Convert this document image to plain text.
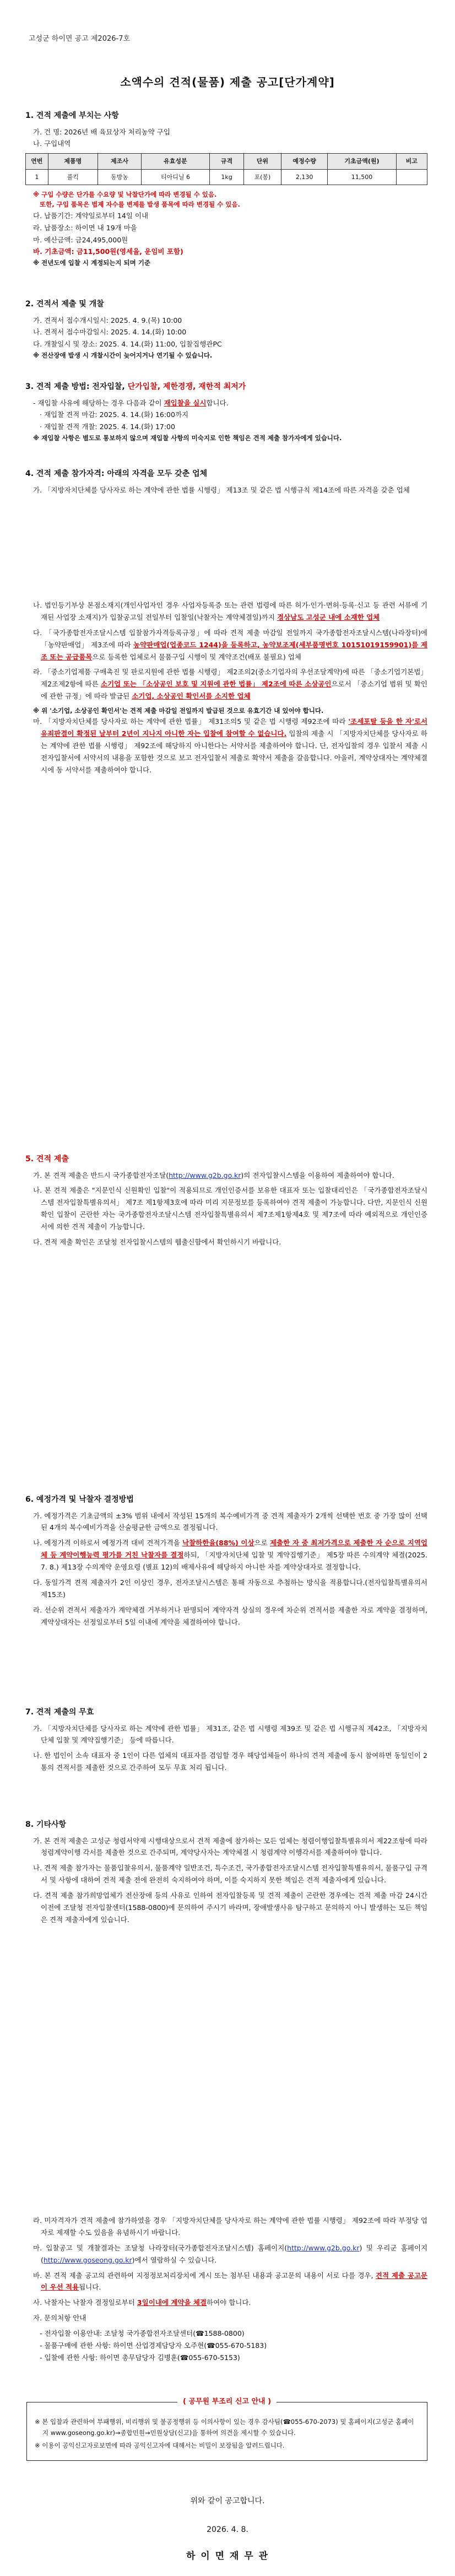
고성군 하이면 공고 제2026-7호
소액수의 견적(물품) 제출 공고[단가계약]
1. 견적 제출에 부치는 사항
가. 건 명: 2026년 배 육묘상자 처리농약 구입
나. 구입내역
연번	제품명	제조사	유효성분	규격	단위	예정수량	기초금액(원)	비고
1	풀킥	동방농	티아디닐 6	1kg	포(봉)	2,130	11,500	
※ 구입 수량은 단가를 수요량 및 낙찰단가에 따라 변경될 수 있음.
또한, 구입 품목은 법제 자수를 변제를 발생 품목에 따라 변경될 수 있음.
다. 납품기간: 계약일로부터 14일 이내
라. 납품장소: 하이면 내 19개 마을
마. 예산금액: 금24,495,000원
바. 기초금액: 금11,500원(영세율, 운임비 포함)
※ 전년도에 입찰 시 계정되는지 되며 기준
2. 견적서 제출 및 개찰
가. 견적서 접수개시일시: 2025. 4. 9.(목) 10:00
나. 견적서 접수마감일시: 2025. 4. 14.(화) 10:00
다. 개찰일시 및 장소: 2025. 4. 14.(화) 11:00, 입찰집행관PC
※ 전산장애 발생 시 개찰시간이 늦어지거나 연기될 수 있습니다.
3. 견적 제출 방법: 전자입찰, 단가입찰, 제한경쟁, 재한적 최저가
- 재입찰 사유에 해당하는 경우 다음과 같이 재입찰을 실시합니다.
· 재입찰 견적 마감: 2025. 4. 14.(화) 16:00까지
· 재입찰 견적 개찰: 2025. 4. 14.(화) 17:00
※ 재입찰 사항은 별도로 통보하지 않으며 재입찰 사항의 미숙지로 인한 책임은 견적 제출 참가자에게 있습니다.
4. 견적 제출 참가자격: 아래의 자격을 모두 갖춘 업체
가. 「지방자치단체를 당사자로 하는 계약에 관한 법률 시행령」 제13조 및 같은 법 시행규칙 제14조에 따른 자격을 갖춘 업체
나. 법인등기부상 본점소재지(개인사업자인 경우 사업자등록증 또는 관련 법령에 따른 허가·인가·면허·등록·신고 등 관련 서류에 기재된 사업장 소재지)가 입찰공고일 전일부터 입찰일(낙찰자는 계약체결일)까지 경상남도 고성군 내에 소재한 업체
다. 「국가종합전자조달시스템 입찰참가자격등록규정」에 따라 견적 제출 마감일 전일까지 국가종합전자조달시스템(나라장터)에 「농약판매업」 제3조에 따라 농약판매업(업종코드 1244)을 등록하고, 농약보조제(세부품명번호 10151019159901)를 제조 또는 공급품목으로 등록한 업체로서 물품구입 시행이 및 계약조건(배포 불필요) 업체
라. 「중소기업제품 구매촉진 및 판로지원에 관한 법률 시행령」 제2조의2(중소기업자의 우선조달계약)에 따른 「중소기업기본법」 제2조제2항에 따른 소기업 또는 「소상공인 보호 및 지원에 관한 법률」 제2조에 따른 소상공인으로서 「중소기업 범위 및 확인에 관한 규정」에 따라 발급된 소기업, 소상공인 확인서를 소지한 업체
※ 위 '소기업, 소상공인 확인서'는 견적 제출 마감일 전일까지 발급된 것으로 유효기간 내 있어야 합니다.
마. 「지방자치단체를 당사자로 하는 계약에 관한 법률」 제31조의5 및 같은 법 시행령 제92조에 따라 '조세포탈 등을 한 자'로서 유죄판결이 확정된 날부터 2년이 지나지 아니한 자는 입찰에 참여할 수 없습니다. 입찰의 제출 시 「지방자치단체를 당사자로 하는 계약에 관한 법률 시행령」 제92조에 해당하지 아니한다는 서약서를 제출하여야 합니다. 단, 전자입찰의 경우 입찰서 제출 시 전자입찰서에 서약서의 내용을 포함한 것으로 보고 전자입찰서 제출로 확약서 제출을 갈음합니다. 아울러, 계약상대자는 계약체결 시에 동 서약서를 제출하여야 합니다.
5. 견적 제출
가. 본 견적 제출은 반드시 국가종합전자조달(http://www.g2b.go.kr)의 전자입찰시스템을 이용하여 제출하여야 합니다.
나. 본 견적 제출은 "지문인식 신원확인 입찰"이 적용되므로 개인인증서를 보유한 대표자 또는 입찰대리인은 「국가종합전자조달시스템 전자입찰특별유의서」 제7조 제1항제3호에 따라 미리 지문정보를 등록하여야 견적 제출이 가능합니다. 다만, 지문인식 신원확인 입찰이 곤란한 자는 국가종합전자조달시스템 전자입찰특별유의서 제7조제1항제4호 및 제7조에 따라 예외적으로 개인인증서에 의한 견적 제출이 가능합니다.
다. 견적 제출 확인은 조달청 전자입찰시스템의 웹출신함에서 확인하시기 바랍니다.
6. 예정가격 및 낙찰자 결정방법
가. 예정가격은 기초금액의 ±3% 범위 내에서 작성된 15개의 복수예비가격 중 견적 제출자가 2개씩 선택한 번호 중 가장 많이 선택된 4개의 복수예비가격을 산술평균한 금액으로 결정됩니다.
나. 예정가격 이하로서 예정가격 대비 견적가격을 낙찰하한율(88%) 이상으로 제출한 자 중 최저가격으로 제출한 자 순으로 지역업체 등 계약이행능력 평가를 거친 낙찰자를 결정하되, 「지방자치단체 입찰 및 계약집행기준」 제5장 따른 수의계약 체결(2025. 7. 8.) 제13장 수의계약 운영요령 (별표 12)의 배제사유에 해당하지 아니한 자를 계약상대자로 결정합니다.
다. 동일가격 견적 제출자가 2인 이상인 경우, 전자조달시스템은 통해 자동으로 추첨하는 방식을 적용합니다.(전자입찰특별유의서 제15조)
라. 선순위 견적서 제출자가 계약체결 거부하거나 판명되어 계약자격 상실의 경우에 차순위 견적서를 제출한 자로 계약을 결정하며, 계약상대자는 선정일로부터 5일 이내에 계약을 체결하여야 합니다.
7. 견적 제출의 무효
가. 「지방자치단체를 당사자로 하는 계약에 관한 법률」 제31조, 같은 법 시행령 제39조 및 같은 법 시행규칙 제42조, 「지방자치단체 입찰 및 계약집행기준」 등에 따릅니다.
나. 한 법인이 소속 대표자 중 1인이 다른 업체의 대표자를 겸임할 경우 해당업체들이 하나의 견적 제출에 동시 참여하면 동일인이 2통의 견적서를 제출한 것으로 간주하여 모두 무효 처리 됩니다.
8. 기타사항
가. 본 견적 제출은 고성군 청렴서약제 시행대상으로서 견적 제출에 참가하는 모든 업체는 청렴이행입찰특별유의서 제22조항에 따라 청렴계약이행 각서를 제출한 것으로 간주되며, 계약당사자는 계약체결 시 청렴계약 이행각서를 제출하여야 합니다.
나. 견적 제출 참가자는 물품입찰유의서, 물품계약 일반조건, 특수조건, 국가종합전자조달시스템 전자입찰특별유의서, 물품구입 규격서 및 사항에 대하여 견적 제출 전에 완전히 숙지하여야 하며, 이를 숙지하지 못한 책임은 견적 제출자에게 있습니다.
다. 견적 제출 참가희망업체가 전산장애 등의 사유로 인하여 전자입찰등록 및 견적 제출이 곤란한 경우에는 견적 제출 마감 24시간 이전에 조달청 전자입찰센터(1588-0800)에 문의하여 주시기 바라며, 장애발생사유 탐구하고 문의하지 아니 발생하는 모든 책임은 견적 제출자에게 있습니다.
라. 미자격자가 견적 제출에 참가하였을 경우 「지방자치단체를 당사자로 하는 계약에 관한 법률 시행령」 제92조에 따라 부정당 업자로 제재할 수도 있음을 유념하시기 바랍니다.
마. 입찰공고 및 개찰결과는 조달청 나라장터(국가종합전자조달시스템) 홈페이지(http://www.g2b.go.kr) 및 우리군 홈페이지(http://www.goseong.go.kr)에서 열람하실 수 있습니다.
바. 본 견적 제출 공고의 관련하여 지정정보처리장치에 게시 또는 첨부된 내용과 공고문의 내용이 서로 다를 경우, 견적 제출 공고문이 우선 적용됩니다.
사. 낙찰자는 낙찰자 결정일로부터 3일이내에 계약을 체결하여야 합니다.
자. 문의처항 안내
- 전자입찰 이용안내: 조달청 국가종합전자조달센터(☎1588-0800)
- 물품구매에 관한 사항: 하이면 산업경제담당자 오주현(☎055-670-5183)
- 입찰에 관한 사항: 하이면 총무담당자 김병훈(☎055-670-5153)
( 공무원 부조리 신고 안내 )
※ 본 입찰과 관련하여 부패행위, 비리행위 및 불공정행위 등 이의사항이 있는 경우 감사팀(☎055-670-2073) 및 홈페이지(고성군 홈페이지 www.goseong.go.kr)→종합민원→민원상담(신고)을 통하여 의견을 제시할 수 있습니다.
※ 이용이 공익신고자로보면에 따라 공익신고자에 대해서는 비밀이 보장됨을 알려드립니다.
위와 같이 공고합니다.
2026. 4. 8.
하 이 면 재 무 관
